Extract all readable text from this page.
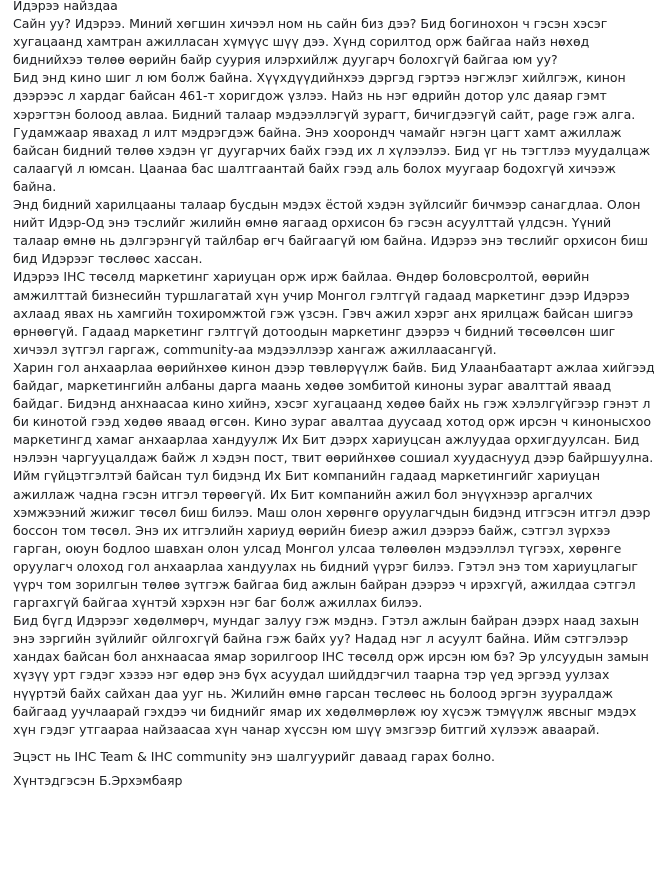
Идэрээ найздаа

Сайн уу? Идэрээ. Миний хөгшин хичээл ном нь сайн биз дээ? Бид богинохон ч гэсэн хэсэг хугацаанд хамтран ажилласан хүмүүс шүү дээ. Хүнд сорилтод орж байгаа найз нөхөд биднийхээ төлөө өөрийн байр суурия илэрхийлж дуугарч болохгүй байгаа юм уу?

Бид энд кино шиг л юм болж байна. Хүүхдүүдийнхээ дэргэд гэртээ нэгжлэг хийлгэж, кинон дээрээс л хардаг байсан 461-т хоригдож үзлээ. Найз нь нэг өдрийн дотор улс даяар гэмт хэрэгтэн болоод авлаа. Бидний талаар мэдээллэгүй зурагт, бичигдээгүй сайт, page гэж алга. Гудамжаар явахад л илт мэдрэгдэж байна. Энэ хоорондч чамайг нэгэн цагт хамт ажиллаж байсан бидний төлөө хэдэн үг дуугарчих байх гээд их л хүлээлээ. Бид үг нь тэгтлээ муудалцаж салаагүй л юмсан. Цаанаа бас шалтгаантай байх гээд аль болох муугаар бодохгүй хичээж байна.

Энд бидний харилцааны талаар бусдын мэдэх ёстой хэдэн зүйлсийг бичмээр санагдлаа. Олон нийт Идэр-Од энэ тэслийг жилийн өмнө яагаад орхисон бэ гэсэн асуулттай үлдсэн. Үүний талаар өмнө нь дэлгэрэнгүй тайлбар өгч байгаагүй юм байна. Идэрээ энэ төслийг орхисон биш бид Идэрээг төслөөс хассан.

Идэрээ IHC төсөлд маркетинг хариуцан орж ирж байлаа. Өндөр боловсролтой, өөрийн амжилттай бизнесийн туршлагатай хүн учир Монгол гэлтгүй гадаад маркетинг дээр Идэрээ ахлаад явах нь хамгийн тохиромжтой гэж үзсэн. Гэвч ажил хэрэг анх ярилцаж байсан шигээ өрнөөгүй. Гадаад маркетинг гэлтгүй дотоодын маркетинг дээрээ ч бидний төсөөлсөн шиг хичээл зүтгэл гаргаж, community-аа мэдээллээр хангаж ажиллаасангүй.

Харин гол анхаарлаа өөрийнхөө кинон дээр төвлөрүүлж байв. Бид Улаанбаатарт ажлаа хийгээд байдаг, маркетингийн албаны дарга маань хөдөө зомбитой киноны зураг авалттай яваад байдаг. Бидэнд анхнаасаа кино хийнэ, хэсэг хугацаанд хөдөө байх нь гэж хэлэлгүйгээр гэнэт л би кинотой гээд хөдөө яваад өгсөн. Кино зураг авалтаа дуусаад хотод орж ирсэн ч кинонысхоо маркетингд хамаг анхаарлаа хандуулж Их Бит дээрх хариуцсан ажлуудаа орхигдуулсан. Бид нэлээн чаргууцалдаж байж л хэдэн пост, твит өөрийнхөө сошиал хуудаснууд дээр байршуулна.

Ийм гүйцэтгэлтэй байсан тул бидэнд Их Бит компанийн гадаад маркетингийг хариуцан ажиллаж чадна гэсэн итгэл төрөөгүй. Их Бит компанийн ажил бол энүүхнээр аргалчих хэмжээний жижиг төсөл биш билээ. Маш олон хөрөнгө оруулагчдын бидэнд итгэсэн итгэл дээр боссон том төсөл. Энэ их итгэлийн хариуд өөрийн биеэр ажил дээрээ байж, сэтгэл зүрхээ гарган, оюун бодлоо шавхан олон улсад Монгол улсаа төлөөлөн мэдээллэл түгээх, хөрөнге оруулагч олоход гол анхаарлаа хандуулах нь бидний үүрэг билээ. Гэтэл энэ том хариуцлагыг үүрч том зорилгын төлөө зүтгэж байгаа бид ажлын байран дээрээ ч ирэхгүй, ажилдаа сэтгэл гаргахгүй байгаа хүнтэй хэрхэн нэг баг болж ажиллах билээ.

Бид бүгд Идэрээг хөдөлмөрч, мундаг залуу гэж мэднэ. Гэтэл ажлын байран дээрх наад захын энэ зэргийн зүйлийг ойлгохгүй байна гэж байх уу? Надад нэг л асуулт байна. Ийм сэтгэлээр хандах байсан бол анхнаасаа ямар зорилгоор IHC төсөлд орж ирсэн юм бэ? Эр улсуудын замын хүзүү урт гэдэг хэзээ нэг өдөр энэ бүх асуудал шийддэгчил таарна тэр үед эргээд уулзах нүүртэй байх сайхан даа ууг нь. Жилийн өмнө гарсан төслөөс нь болоод эргэн зууралдаж байгаад уучлаарай гэхдээ чи биднийг ямар их хөдөлмөрлөж юу хүсэж тэмүүлж явсныг мэдэх хүн гэдэг утгаараа найзаасаа хүн чанар хүссэн юм шүү эмзгээр битгий хүлээж аваарай.

Эцэст нь IHC Team & IHC community энэ шалгуурийг даваад гарах болно.

Хүнтэдгэсэн Б.Эрхэмбаяр
